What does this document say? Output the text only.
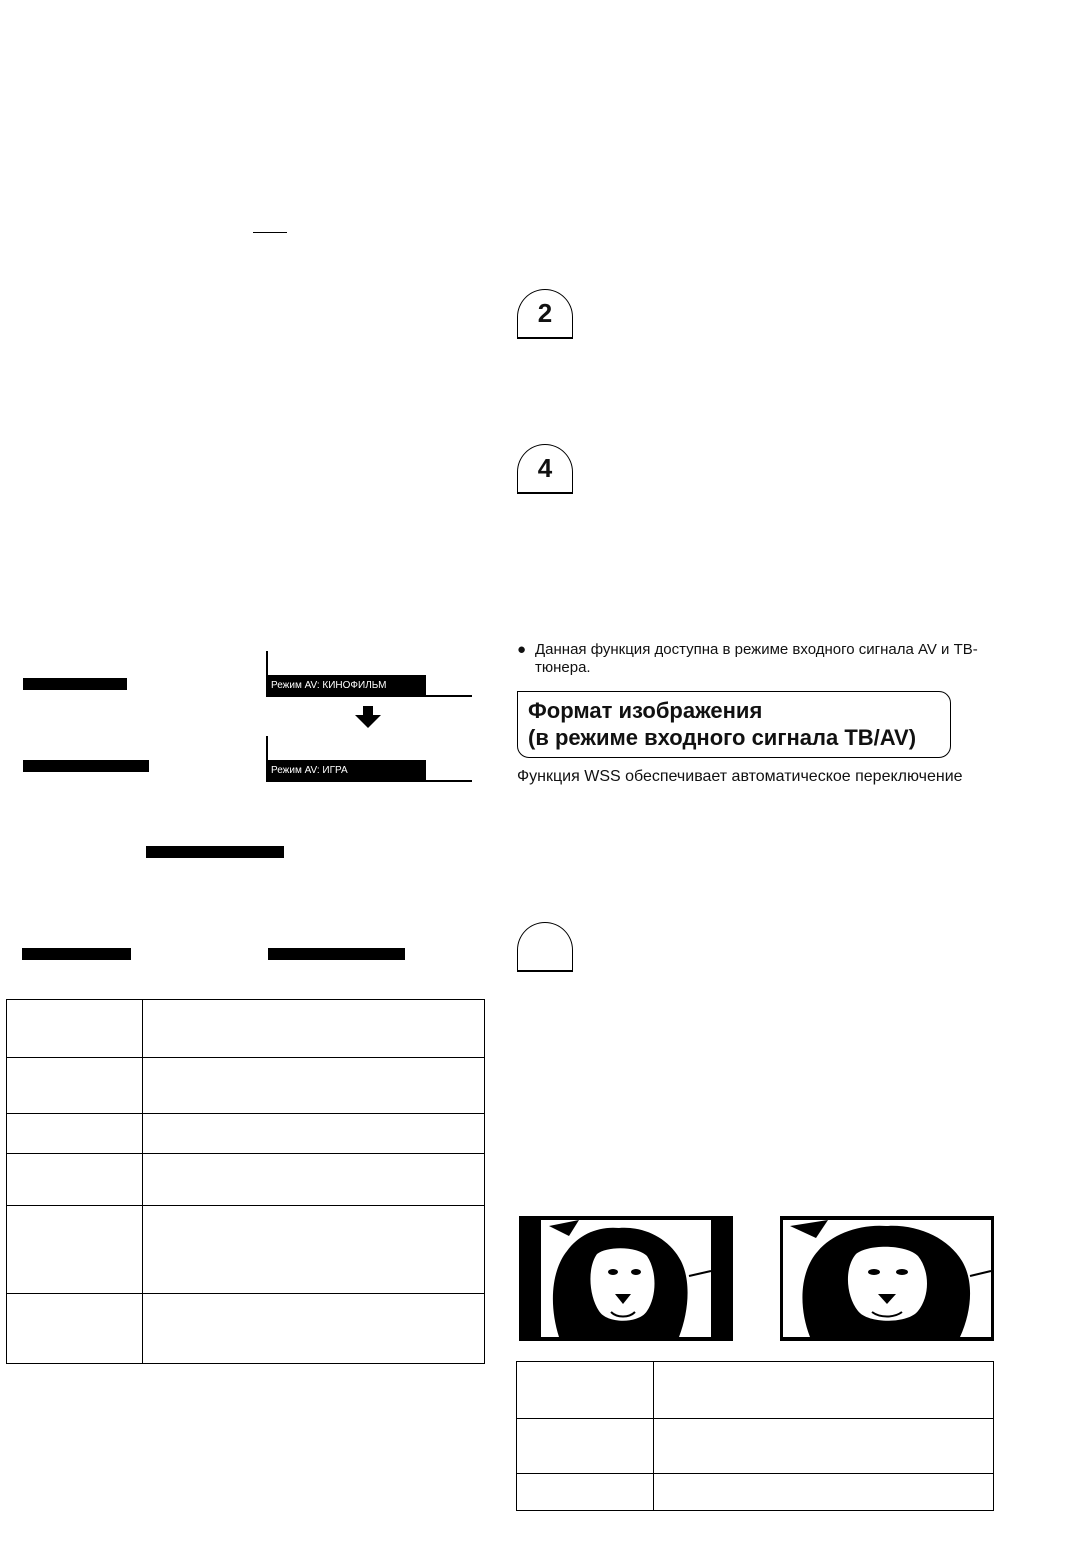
Режим AV: КИНОФИЛЬМ
Режим AV: ИГРА

2
4
● Данная функция доступна в режиме входного сигнала AV и ТВ-
тюнера.
Формат изображения
(в режиме входного сигнала ТВ/AV)
Функция WSS обеспечивает автоматическое переключение
